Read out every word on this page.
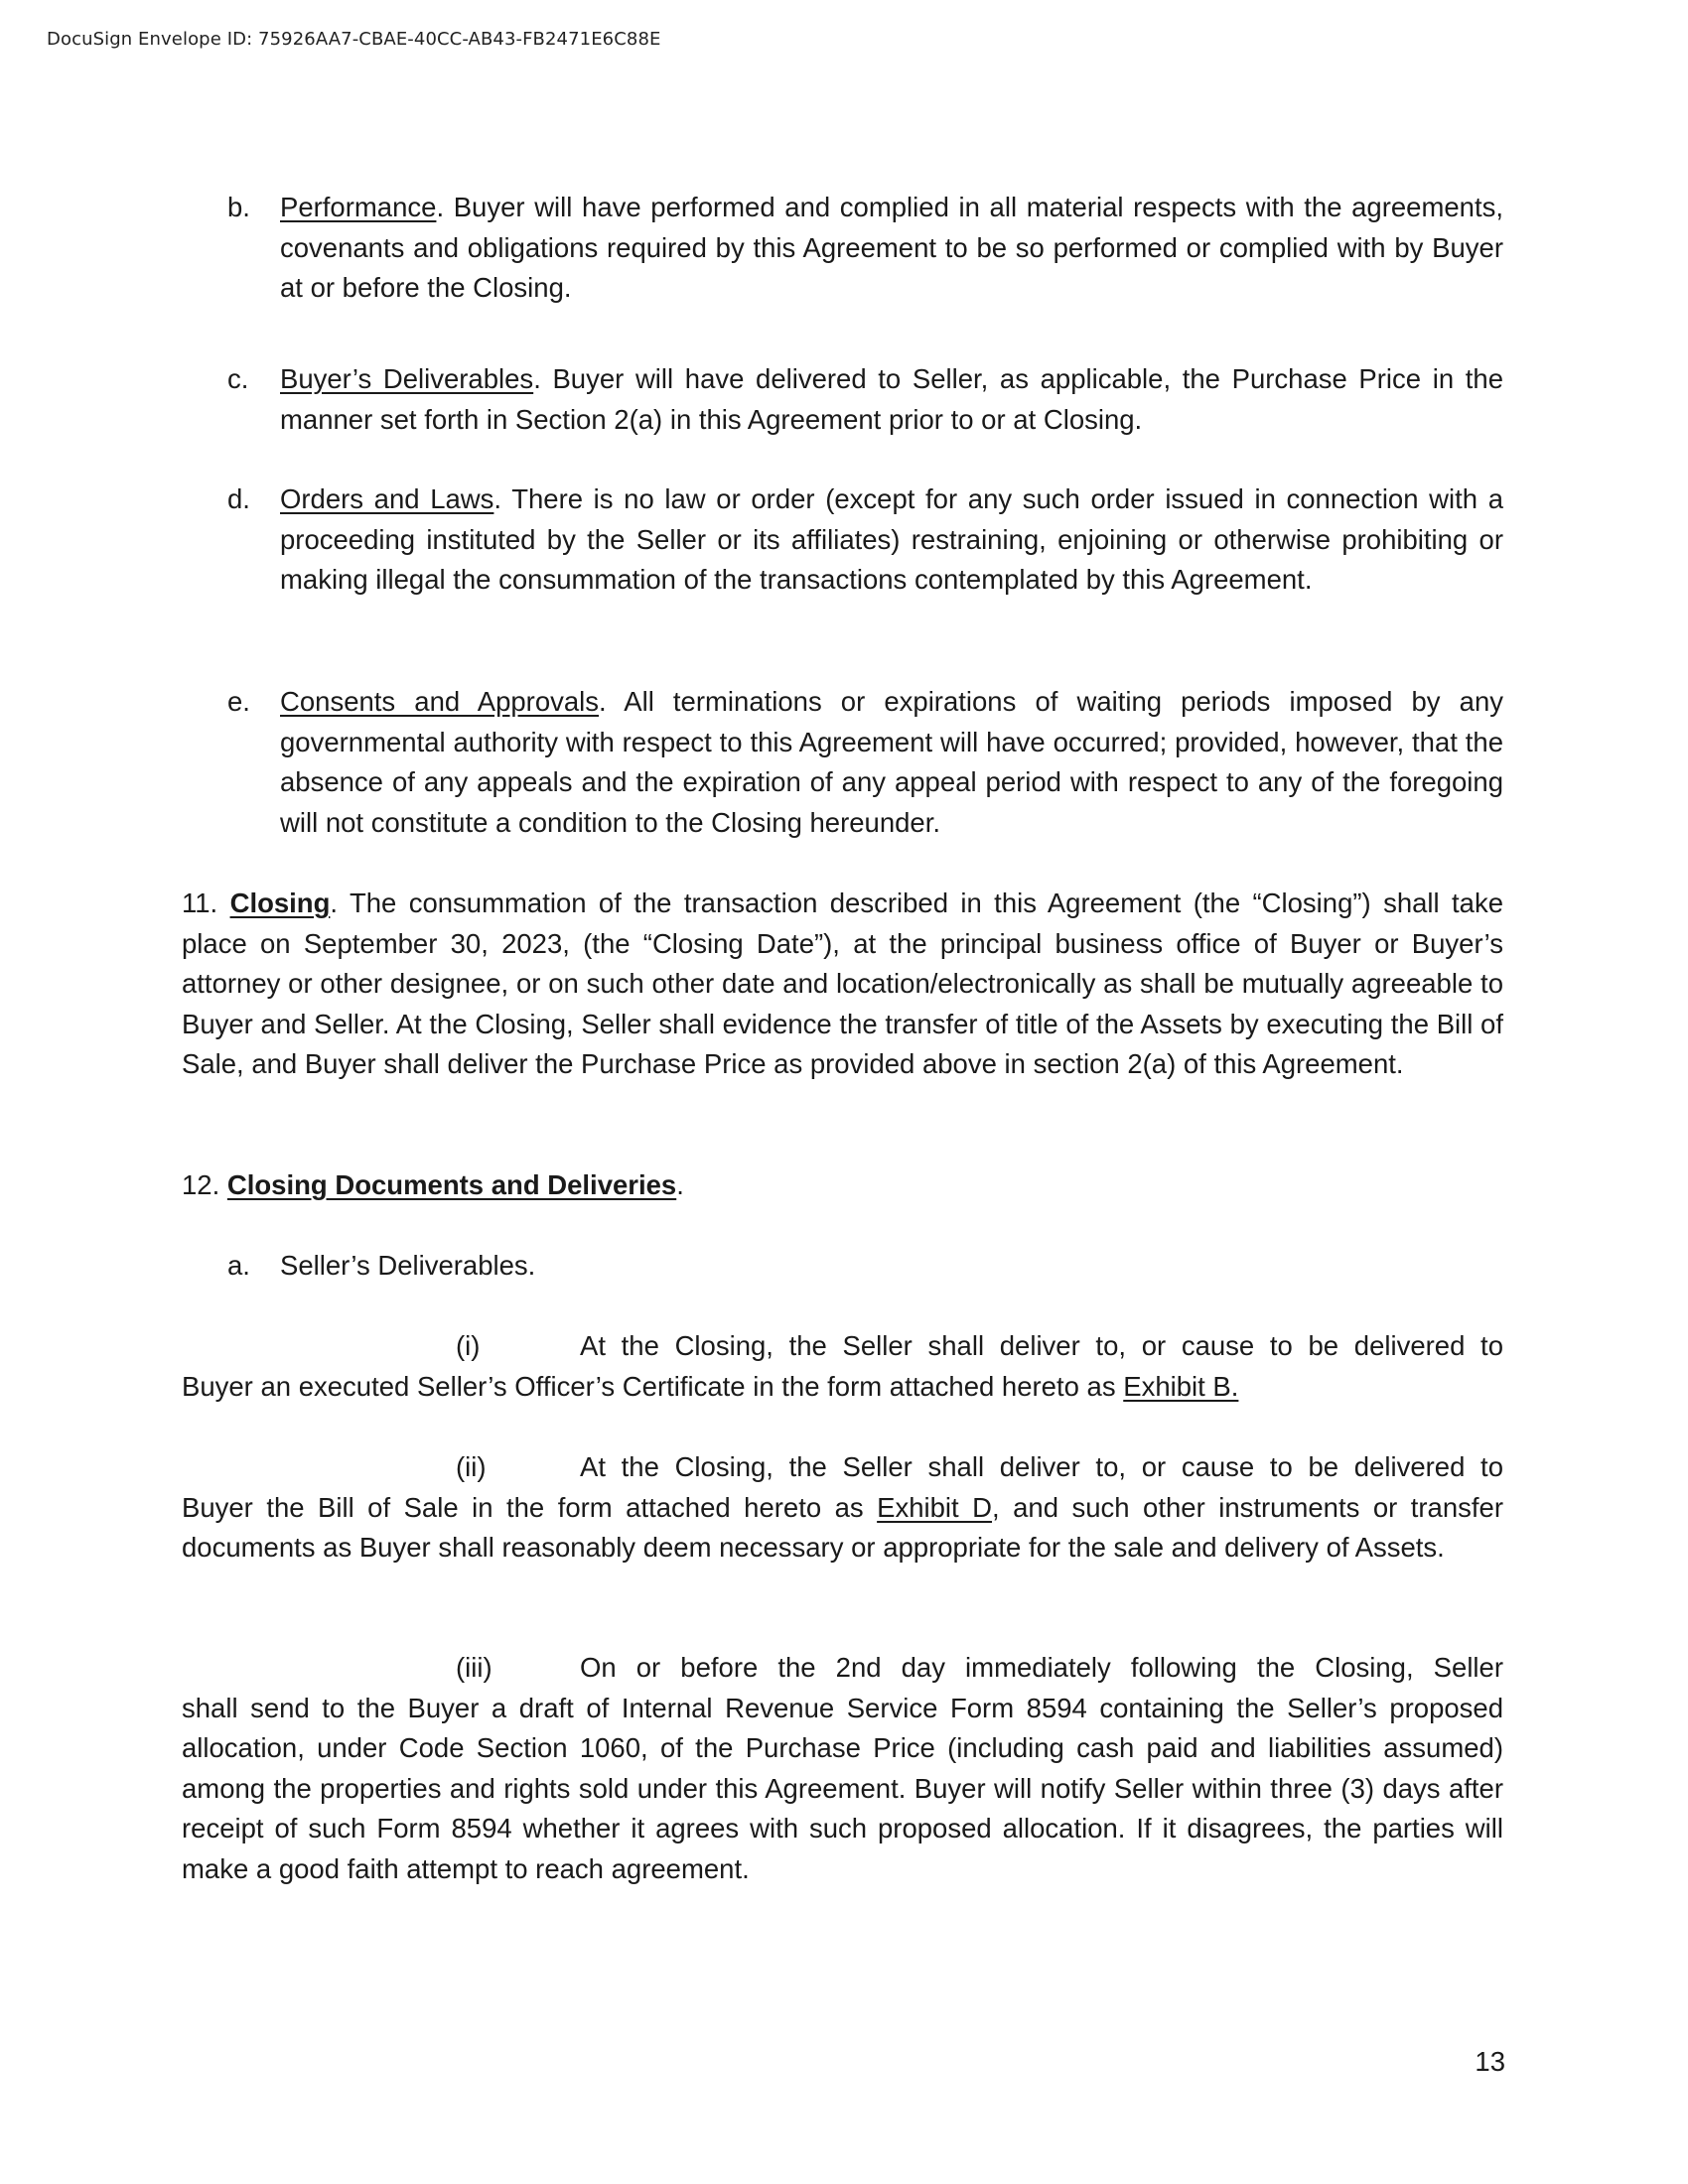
DocuSign Envelope ID: 75926AA7-CBAE-40CC-AB43-FB2471E6C88E
b. Performance. Buyer will have performed and complied in all material respects with the agreements, covenants and obligations required by this Agreement to be so performed or complied with by Buyer at or before the Closing.
c. Buyer’s Deliverables. Buyer will have delivered to Seller, as applicable, the Purchase Price in the manner set forth in Section 2(a) in this Agreement prior to or at Closing.
d. Orders and Laws. There is no law or order (except for any such order issued in connection with a proceeding instituted by the Seller or its affiliates) restraining, enjoining or otherwise prohibiting or making illegal the consummation of the transactions contemplated by this Agreement.
e. Consents and Approvals. All terminations or expirations of waiting periods imposed by any governmental authority with respect to this Agreement will have occurred; provided, however, that the absence of any appeals and the expiration of any appeal period with respect to any of the foregoing will not constitute a condition to the Closing hereunder.
11. Closing. The consummation of the transaction described in this Agreement (the “Closing”) shall take place on September 30, 2023, (the “Closing Date”), at the principal business office of Buyer or Buyer’s attorney or other designee, or on such other date and location/electronically as shall be mutually agreeable to Buyer and Seller. At the Closing, Seller shall evidence the transfer of title of the Assets by executing the Bill of Sale, and Buyer shall deliver the Purchase Price as provided above in section 2(a) of this Agreement.
12. Closing Documents and Deliveries.
a. Seller’s Deliverables.
(i)	At the Closing, the Seller shall deliver to, or cause to be delivered to
Buyer an executed Seller’s Officer’s Certificate in the form attached hereto as Exhibit B.
(ii)	At the Closing, the Seller shall deliver to, or cause to be delivered to
Buyer the Bill of Sale in the form attached hereto as Exhibit D, and such other instruments or transfer documents as Buyer shall reasonably deem necessary or appropriate for the sale and delivery of Assets.
(iii)	On or before the 2nd day immediately following the Closing, Seller
shall send to the Buyer a draft of Internal Revenue Service Form 8594 containing the Seller’s proposed allocation, under Code Section 1060, of the Purchase Price (including cash paid and liabilities assumed) among the properties and rights sold under this Agreement. Buyer will notify Seller within three (3) days after receipt of such Form 8594 whether it agrees with such proposed allocation. If it disagrees, the parties will make a good faith attempt to reach agreement.
13
